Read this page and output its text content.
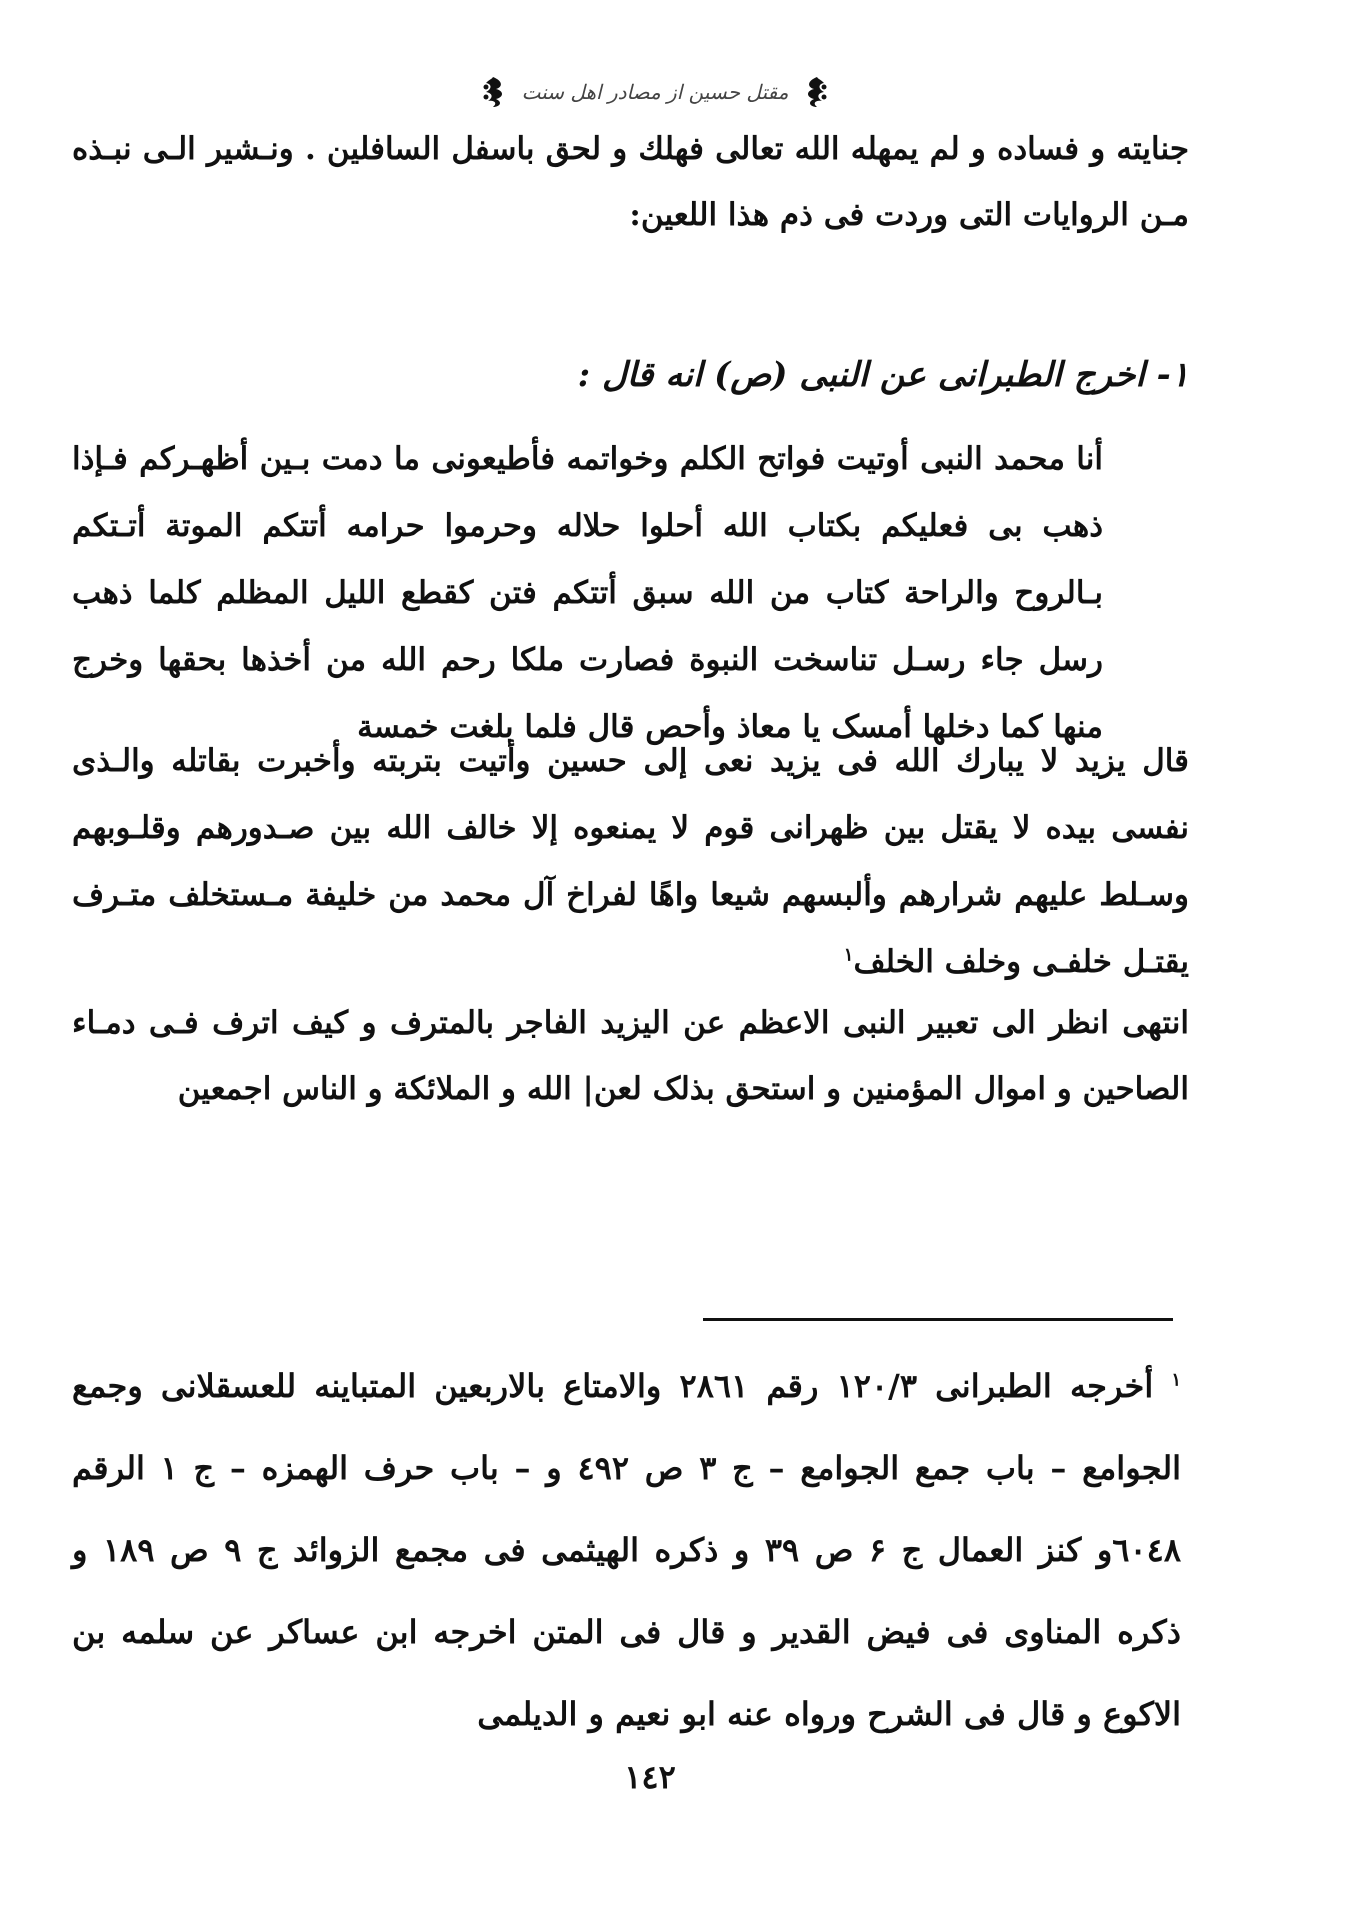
مقتل حسين از مصادر اهل سنت
جنايته و فساده و لم يمهله الله تعالى فهلك و لحق باسفل السافلين . ونـشير الـى نبـذه مـن الروايات التى وردت فى ذم هذا اللعين:
۱- اخرج الطبرانی عن النبی (ص) انه قال :
أنا محمد النبى أوتيت فواتح الكلم وخواتمه فأطيعونى ما دمت بـين أظهـركم فـإذا ذهب بى فعليكم بكتاب الله أحلوا حلاله وحرموا حرامه أتتكم الموتة أتـتكم بـالروح والراحة كتاب من الله سبق أتتكم فتن كقطع الليل المظلم كلما ذهب رسل جاء رسـل تناسخت النبوة فصارت ملكا رحم الله من أخذها بحقها وخرج منها كما دخلها أمسک يا معاذ وأحص قال فلما بلغت خمسة
قال يزيد لا يبارك الله فى يزيد نعى إلى حسين وأتيت بتربته وأخبرت بقاتله والـذى نفسى بيده لا يقتل بين ظهرانى قوم لا يمنعوه إلا خالف الله بين صـدورهم وقلـوبهم وسـلط عليهم شرارهم وألبسهم شيعا واهًا لفراخ آل محمد من خليفة مـستخلف متـرف يقتـل خلفـى وخلف الخلف$^١$
انتهى انظر الى تعبير النبى الاعظم عن اليزيد الفاجر بالمترف و كيف اترف فـى دمـاء الصاحين و اموال المؤمنين و استحق بذلک لعن| الله و الملائكة و الناس اجمعين
$^١$ أخرجه الطبرانى ١٢٠/٣ رقم ٢٨٦١ والامتاع بالاربعين المتباينه للعسقلانى وجمع الجوامع – باب جمع الجوامع – ج ٣ ص ٤٩٢ و – باب حرف الهمزه – ج ١ الرقم ٦٠٤٨و كنز العمال ج ۶ ص ٣٩ و ذكره الهيثمى فى مجمع الزوائد ج ٩ ص ١٨٩ و ذكره المناوى فى فيض القدير و قال فى المتن اخرجه ابن عساكر عن سلمه بن الاكوع و قال فى الشرح ورواه عنه ابو نعيم و الديلمى
١٤٢
